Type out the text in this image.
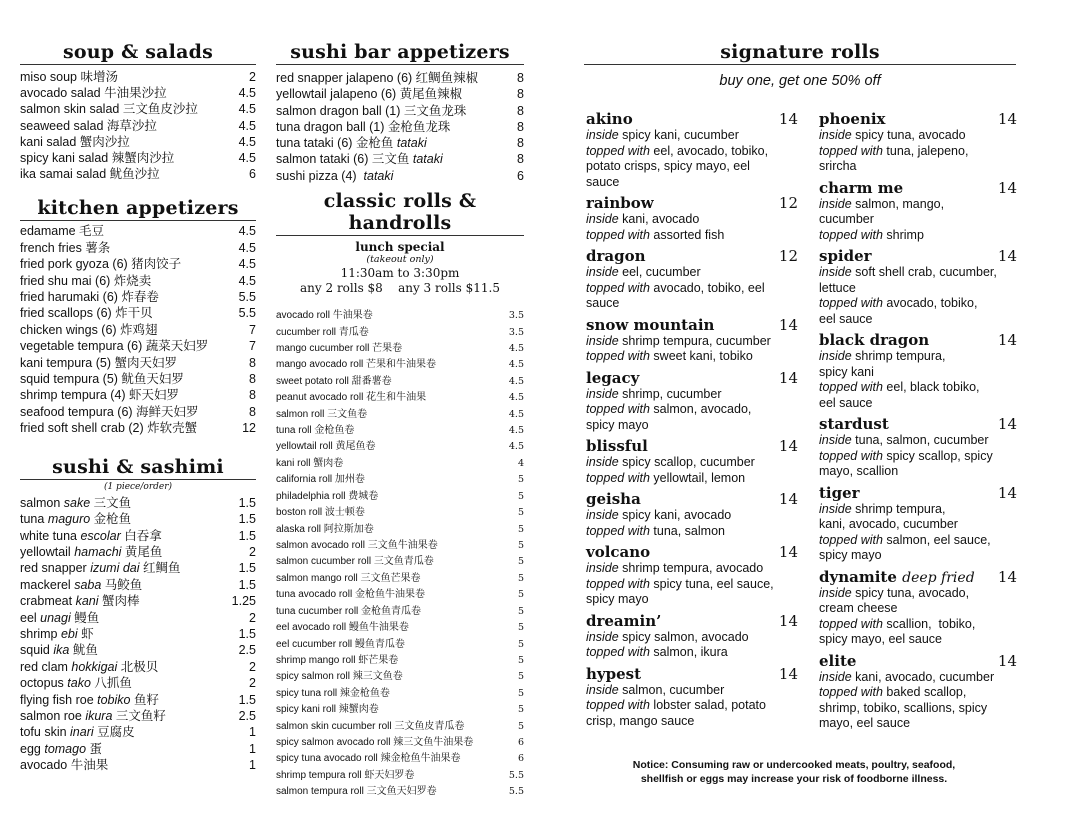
soup & salads
miso soup 味增汤	2
avocado salad 牛油果沙拉	4.5
salmon skin salad 三文鱼皮沙拉	4.5
seaweed salad 海草沙拉	4.5
kani salad 蟹肉沙拉	4.5
spicy kani salad 辣蟹肉沙拉	4.5
ika samai salad 鱿鱼沙拉	6
kitchen appetizers
edamame 毛豆	4.5
french fries 薯条	4.5
fried pork gyoza (6) 猪肉饺子	4.5
fried shu mai (6) 炸烧卖	4.5
fried harumaki (6) 炸春卷	5.5
fried scallops (6) 炸干贝	5.5
chicken wings (6) 炸鸡翅	7
vegetable tempura (6) 蔬菜天妇罗	7
kani tempura (5) 蟹肉天妇罗	8
squid tempura (5) 鱿鱼天妇罗	8
shrimp tempura (4) 虾天妇罗	8
seafood tempura (6) 海鲜天妇罗	8
fried soft shell crab (2) 炸软壳蟹	12
sushi & sashimi
(1 piece/order)
salmon sake 三文鱼	1.5
tuna maguro 金枪鱼	1.5
white tuna escolar 白吞拿	1.5
yellowtail hamachi 黄尾鱼	2
red snapper izumi dai 红鲷鱼	1.5
mackerel saba 马鲛鱼	1.5
crabmeat kani 蟹肉棒	1.25
eel unagi 鳗鱼	2
shrimp ebi 虾	1.5
squid ika 鱿鱼	2.5
red clam hokkigai 北极贝	2
octopus tako 八抓鱼	2
flying fish roe tobiko 鱼籽	1.5
salmon roe ikura 三文鱼籽	2.5
tofu skin inari 豆腐皮	1
egg tomago 蛋	1
avocado 牛油果	1
sushi bar appetizers
red snapper jalapeno (6) 红鲷鱼辣椒	8
yellowtail jalapeno (6) 黄尾鱼辣椒	8
salmon dragon ball (1) 三文鱼龙珠	8
tuna dragon ball (1) 金枪鱼龙珠	8
tuna tataki (6) 金枪鱼 tataki	8
salmon tataki (6) 三文鱼 tataki	8
sushi pizza (4)  tataki	6
classic rolls & handrolls
lunch special
(takeout only)
11:30am to 3:30pm
any 2 rolls $8    any 3 rolls $11.5
avocado roll 牛油果卷	3.5
cucumber roll 青瓜卷	3.5
mango cucumber roll 芒果卷	4.5
mango avocado roll 芒果和牛油果卷	4.5
sweet potato roll 甜番薯卷	4.5
peanut avocado roll 花生和牛油果	4.5
salmon roll 三文鱼卷	4.5
tuna roll 金枪鱼卷	4.5
yellowtail roll 黄尾鱼卷	4.5
kani roll 蟹肉卷	4
california roll 加州卷	5
philadelphia roll 费城卷	5
boston roll 波士顿卷	5
alaska roll 阿拉斯加卷	5
salmon avocado roll 三文鱼牛油果卷	5
salmon cucumber roll 三文鱼青瓜卷	5
salmon mango roll 三文鱼芒果卷	5
tuna avocado roll 金枪鱼牛油果卷	5
tuna cucumber roll 金枪鱼青瓜卷	5
eel avocado roll 鳗鱼牛油果卷	5
eel cucumber roll 鳗鱼青瓜卷	5
shrimp mango roll 虾芒果卷	5
spicy salmon roll 辣三文鱼卷	5
spicy tuna roll 辣金枪鱼卷	5
spicy kani roll 辣蟹肉卷	5
salmon skin cucumber roll 三文鱼皮青瓜卷	5
spicy salmon avocado roll 辣三文鱼牛油果卷	6
spicy tuna avocado roll 辣金枪鱼牛油果卷	6
shrimp tempura roll 虾天妇罗卷	5.5
salmon tempura roll 三文鱼天妇罗卷	5.5
signature rolls
buy one, get one 50% off
akino	14
inside spicy kani, cucumber
topped with eel, avocado, tobiko,
potato crisps, spicy mayo, eel
sauce
rainbow	12
inside kani, avocado
topped with assorted fish
dragon	12
inside eel, cucumber
topped with avocado, tobiko, eel
sauce
snow mountain	14
inside shrimp tempura, cucumber
topped with sweet kani, tobiko
legacy	14
inside shrimp, cucumber
topped with salmon, avocado,
spicy mayo
blissful	14
inside spicy scallop, cucumber
topped with yellowtail, lemon
geisha	14
inside spicy kani, avocado
topped with tuna, salmon
volcano	14
inside shrimp tempura, avocado
topped with spicy tuna, eel sauce,
spicy mayo
dreamin’	14
inside spicy salmon, avocado
topped with salmon, ikura
hypest	14
inside salmon, cucumber
topped with lobster salad, potato
crisp, mango sauce
phoenix	14
inside spicy tuna, avocado
topped with tuna, jalepeno,
srircha
charm me	14
inside salmon, mango,
cucumber
topped with shrimp
spider	14
inside soft shell crab, cucumber,
lettuce
topped with avocado, tobiko,
eel sauce
black dragon	14
inside shrimp tempura,
spicy kani
topped with eel, black tobiko,
eel sauce
stardust	14
inside tuna, salmon, cucumber
topped with spicy scallop, spicy
mayo, scallion
tiger	14
inside shrimp tempura,
kani, avocado, cucumber
topped with salmon, eel sauce,
spicy mayo
dynamite deep fried 14
inside spicy tuna, avocado,
cream cheese
topped with scallion,  tobiko,
spicy mayo, eel sauce
elite	14
inside kani, avocado, cucumber
topped with baked scallop,
shrimp, tobiko, scallions, spicy
mayo, eel sauce
Notice: Consuming raw or undercooked meats, poultry, seafood,
shellfish or eggs may increase your risk of foodborne illness.
